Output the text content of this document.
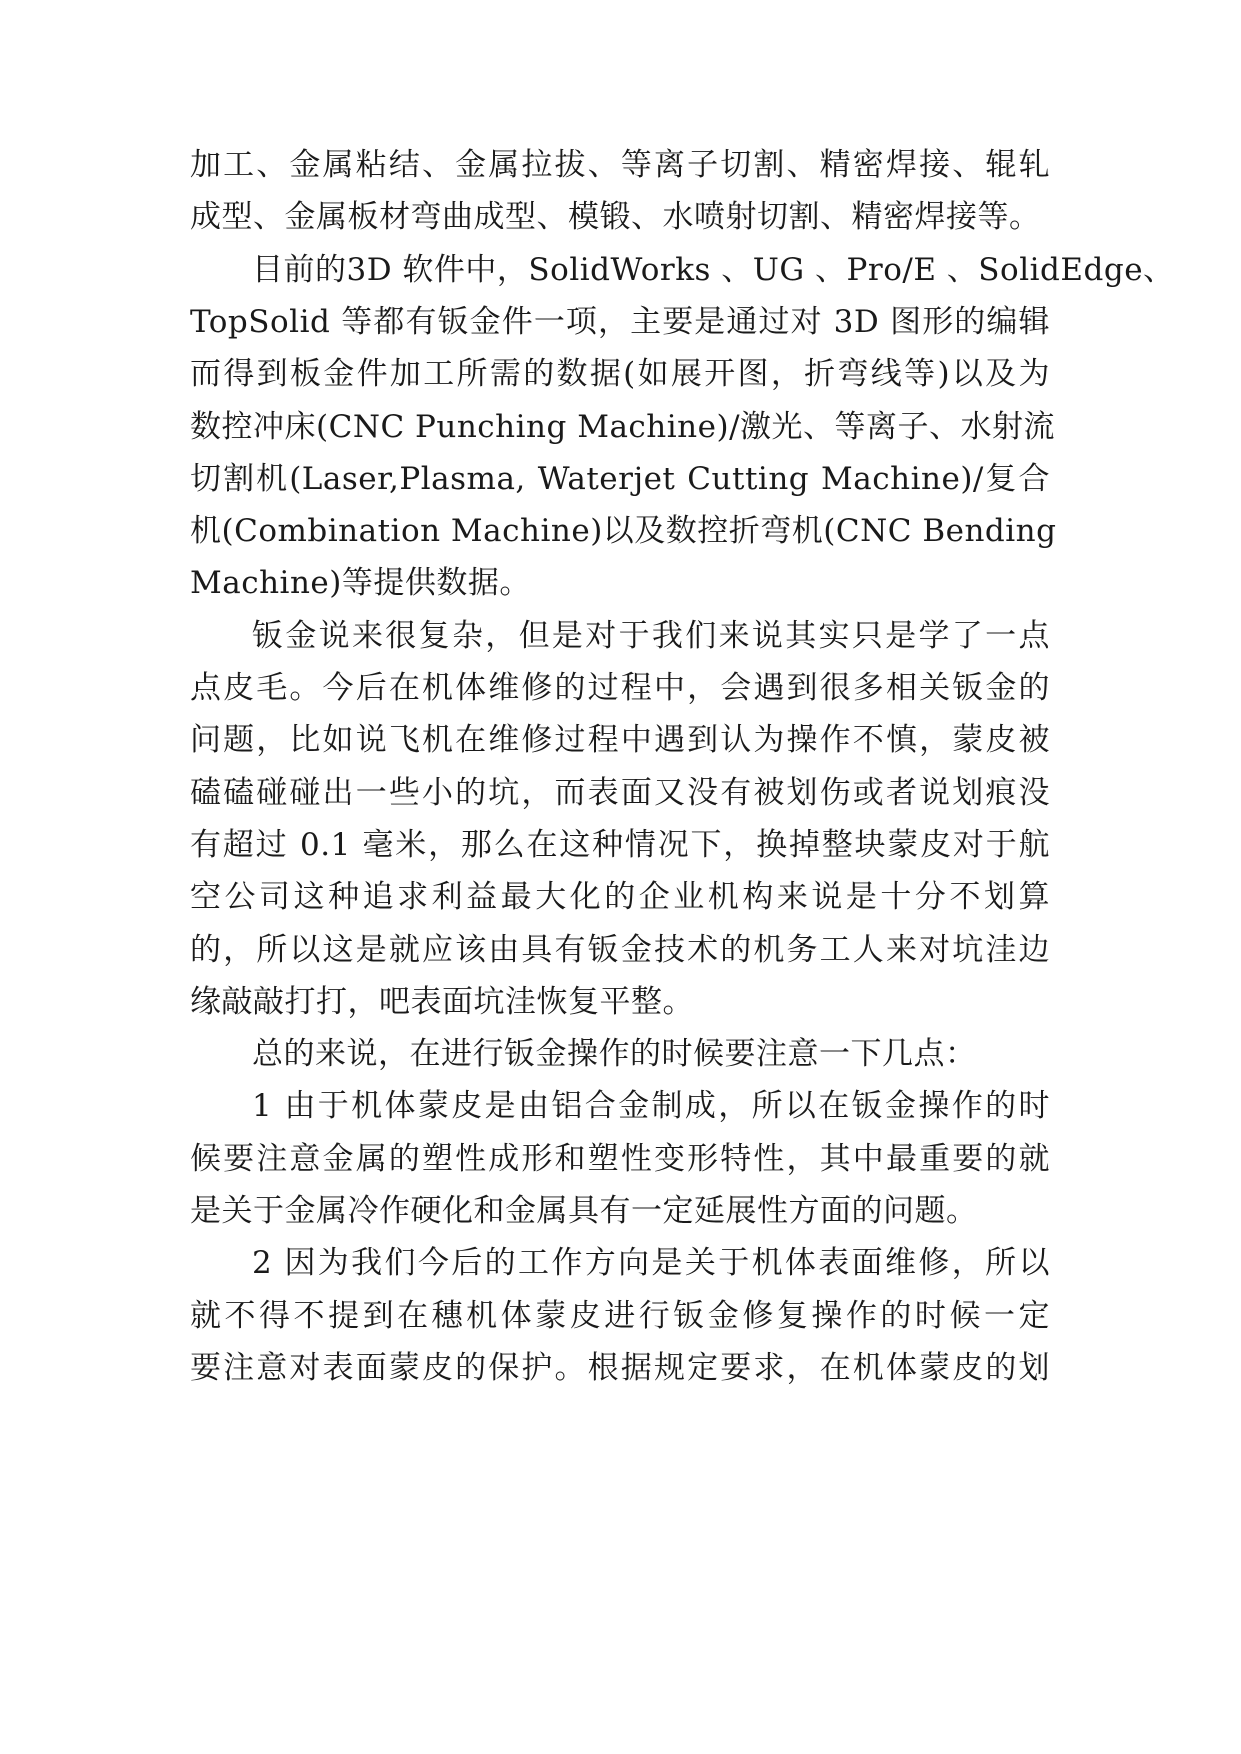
加工、金属粘结、金属拉拔、等离子切割、精密焊接、辊轧

成型、金属板材弯曲成型、模锻、水喷射切割、精密焊接等。

目前的3D 软件中，SolidWorks 、UG 、Pro/E 、SolidEdge、

TopSolid 等都有钣金件一项，主要是通过对 3D 图形的编辑

而得到板金件加工所需的数据(如展开图，折弯线等)以及为

数控冲床(CNC Punching Machine)/激光、等离子、水射流

切割机(Laser,Plasma, Waterjet Cutting Machine)/复合

机(Combination Machine)以及数控折弯机(CNC Bending

Machine)等提供数据。

钣金说来很复杂，但是对于我们来说其实只是学了一点

点皮毛。今后在机体维修的过程中，会遇到很多相关钣金的

问题，比如说飞机在维修过程中遇到认为操作不慎，蒙皮被

磕磕碰碰出一些小的坑，而表面又没有被划伤或者说划痕没

有超过 0.1 毫米，那么在这种情况下，换掉整块蒙皮对于航

空公司这种追求利益最大化的企业机构来说是十分不划算

的，所以这是就应该由具有钣金技术的机务工人来对坑洼边

缘敲敲打打，吧表面坑洼恢复平整。

总的来说，在进行钣金操作的时候要注意一下几点：

1 由于机体蒙皮是由铝合金制成，所以在钣金操作的时

候要注意金属的塑性成形和塑性变形特性，其中最重要的就

是关于金属冷作硬化和金属具有一定延展性方面的问题。

2 因为我们今后的工作方向是关于机体表面维修，所以

就不得不提到在穗机体蒙皮进行钣金修复操作的时候一定

要注意对表面蒙皮的保护。根据规定要求，在机体蒙皮的划
